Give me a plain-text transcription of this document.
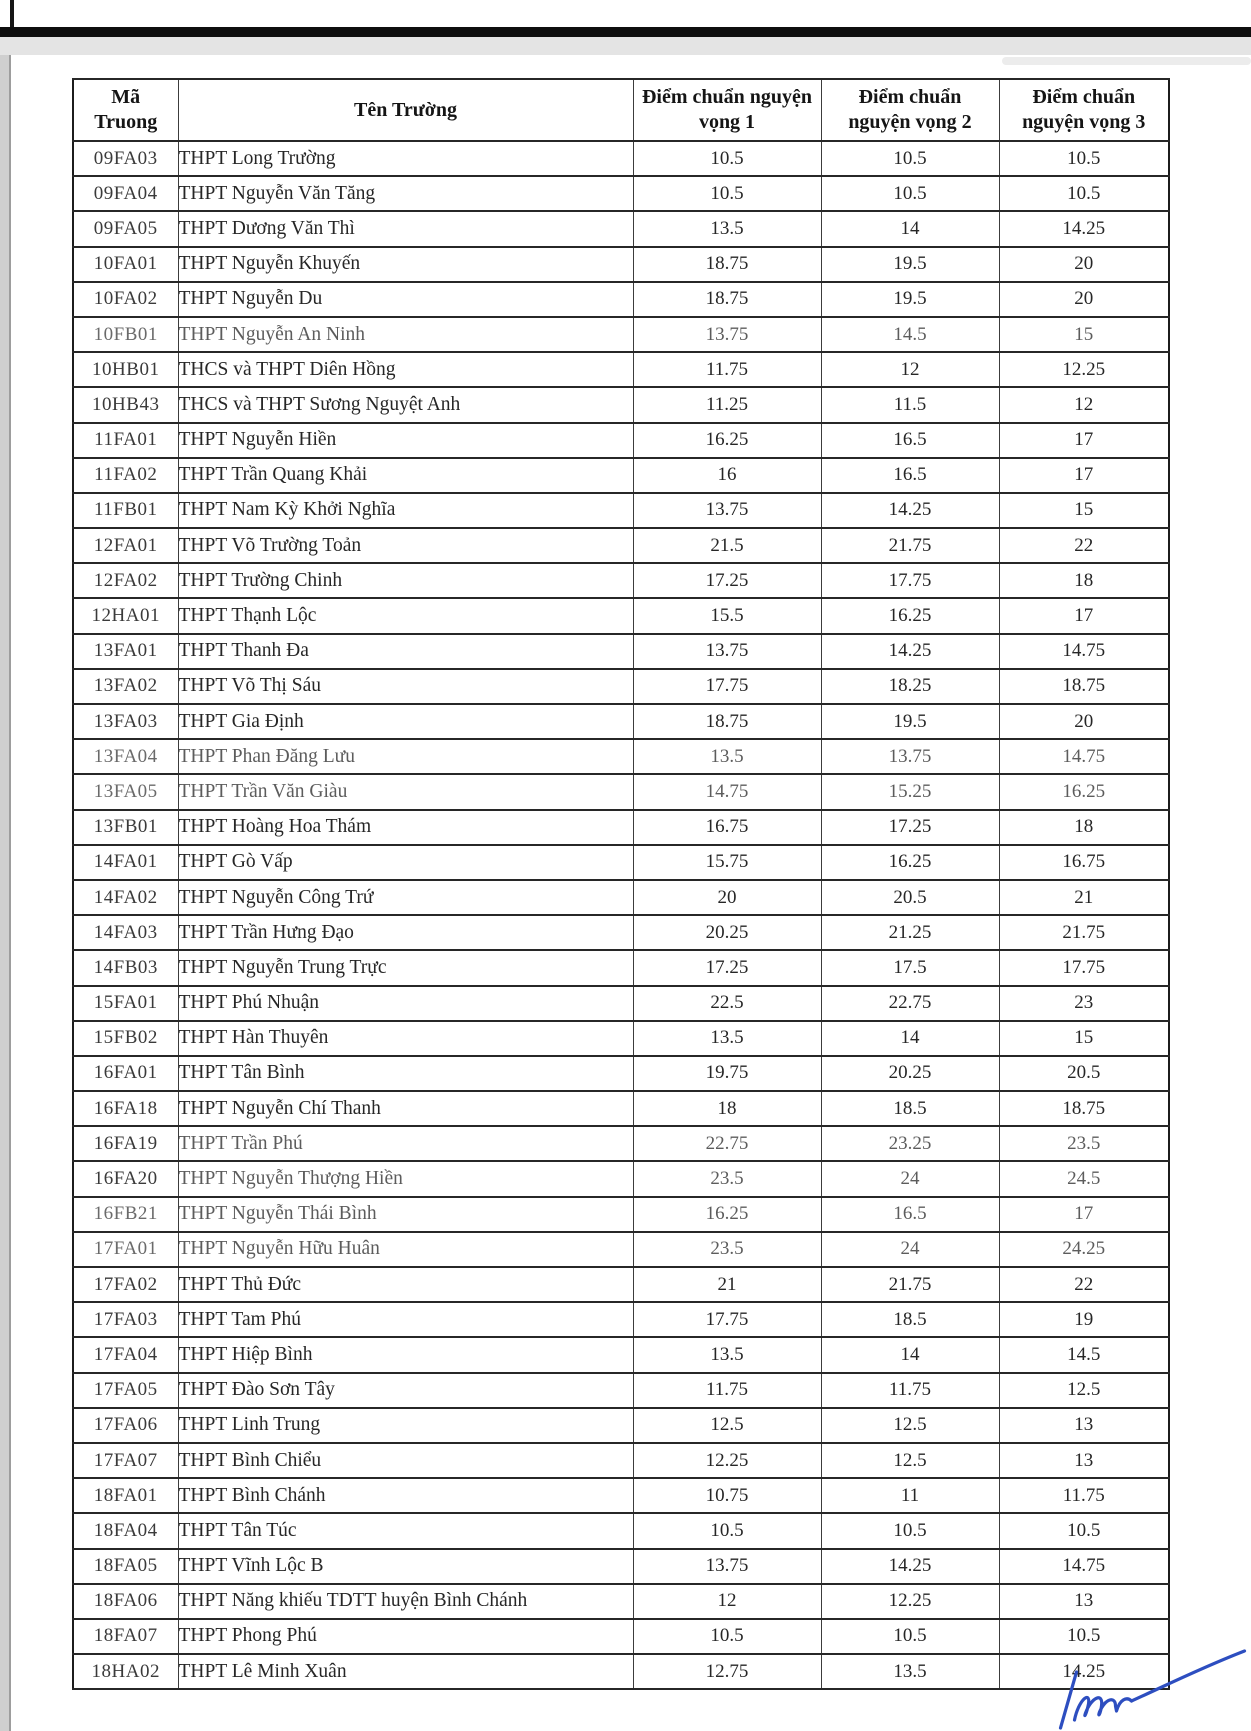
Mã Truong	Tên Trường	Điểm chuẩn nguyện vọng 1	Điểm chuẩn nguyện vọng 2	Điểm chuẩn nguyện vọng 3
09FA03	THPT Long Trường	10.5	10.5	10.5
09FA04	THPT Nguyễn Văn Tăng	10.5	10.5	10.5
09FA05	THPT Dương Văn Thì	13.5	14	14.25
10FA01	THPT Nguyễn Khuyến	18.75	19.5	20
10FA02	THPT Nguyễn Du	18.75	19.5	20
10FB01	THPT Nguyễn An Ninh	13.75	14.5	15
10HB01	THCS và THPT Diên Hồng	11.75	12	12.25
10HB43	THCS và THPT Sương Nguyệt Anh	11.25	11.5	12
11FA01	THPT Nguyễn Hiền	16.25	16.5	17
11FA02	THPT Trần Quang Khải	16	16.5	17
11FB01	THPT Nam Kỳ Khởi Nghĩa	13.75	14.25	15
12FA01	THPT Võ Trường Toản	21.5	21.75	22
12FA02	THPT Trường Chinh	17.25	17.75	18
12HA01	THPT Thạnh Lộc	15.5	16.25	17
13FA01	THPT Thanh Đa	13.75	14.25	14.75
13FA02	THPT Võ Thị Sáu	17.75	18.25	18.75
13FA03	THPT Gia Định	18.75	19.5	20
13FA04	THPT Phan Đăng Lưu	13.5	13.75	14.75
13FA05	THPT Trần Văn Giàu	14.75	15.25	16.25
13FB01	THPT Hoàng Hoa Thám	16.75	17.25	18
14FA01	THPT Gò Vấp	15.75	16.25	16.75
14FA02	THPT Nguyễn Công Trứ	20	20.5	21
14FA03	THPT Trần Hưng Đạo	20.25	21.25	21.75
14FB03	THPT Nguyễn Trung Trực	17.25	17.5	17.75
15FA01	THPT Phú Nhuận	22.5	22.75	23
15FB02	THPT Hàn Thuyên	13.5	14	15
16FA01	THPT Tân Bình	19.75	20.25	20.5
16FA18	THPT Nguyễn Chí Thanh	18	18.5	18.75
16FA19	THPT Trần Phú	22.75	23.25	23.5
16FA20	THPT Nguyễn Thượng Hiền	23.5	24	24.5
16FB21	THPT Nguyễn Thái Bình	16.25	16.5	17
17FA01	THPT Nguyễn Hữu Huân	23.5	24	24.25
17FA02	THPT Thủ Đức	21	21.75	22
17FA03	THPT Tam Phú	17.75	18.5	19
17FA04	THPT Hiệp Bình	13.5	14	14.5
17FA05	THPT Đào Sơn Tây	11.75	11.75	12.5
17FA06	THPT Linh Trung	12.5	12.5	13
17FA07	THPT Bình Chiểu	12.25	12.5	13
18FA01	THPT Bình Chánh	10.75	11	11.75
18FA04	THPT Tân Túc	10.5	10.5	10.5
18FA05	THPT Vĩnh Lộc B	13.75	14.25	14.75
18FA06	THPT Năng khiếu TDTT huyện Bình Chánh	12	12.25	13
18FA07	THPT Phong Phú	10.5	10.5	10.5
18HA02	THPT Lê Minh Xuân	12.75	13.5	14.25
